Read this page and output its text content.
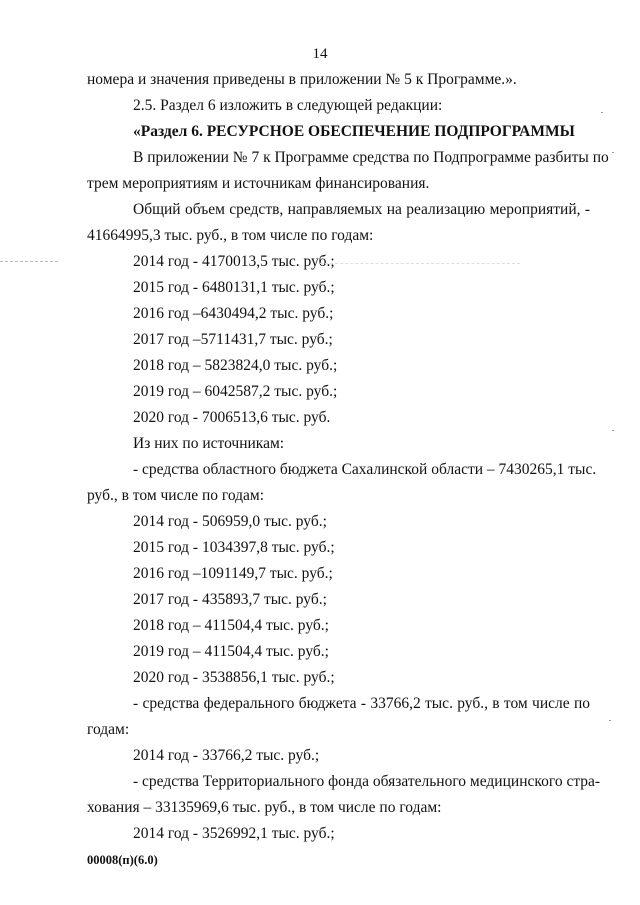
14
номера и значения приведены в приложении № 5 к Программе.».
2.5. Раздел 6 изложить в следующей редакции:
«Раздел 6. РЕСУРСНОЕ ОБЕСПЕЧЕНИЕ ПОДПРОГРАММЫ
В приложении № 7 к Программе средства по Подпрограмме разбиты по
трем мероприятиям и источникам финансирования.
Общий объем средств, направляемых на реализацию мероприятий, -
41664995,3 тыс. руб., в том числе по годам:
2014 год - 4170013,5 тыс. руб.;
2015 год - 6480131,1 тыс. руб.;
2016 год –6430494,2 тыс. руб.;
2017 год –5711431,7 тыс. руб.;
2018 год – 5823824,0 тыс. руб.;
2019 год – 6042587,2 тыс. руб.;
2020 год - 7006513,6 тыс. руб.
Из них по источникам:
- средства областного бюджета Сахалинской области – 7430265,1 тыс.
руб., в том числе по годам:
2014 год - 506959,0 тыс. руб.;
2015 год - 1034397,8 тыс. руб.;
2016 год –1091149,7 тыс. руб.;
2017 год - 435893,7 тыс. руб.;
2018 год – 411504,4 тыс. руб.;
2019 год – 411504,4 тыс. руб.;
2020 год - 3538856,1 тыс. руб.;
- средства федерального бюджета - 33766,2 тыс. руб., в том числе по
годам:
2014 год - 33766,2 тыс. руб.;
- средства Территориального фонда обязательного медицинского стра-
хования – 33135969,6 тыс. руб., в том числе по годам:
2014 год - 3526992,1 тыс. руб.;
00008(п)(6.0)
